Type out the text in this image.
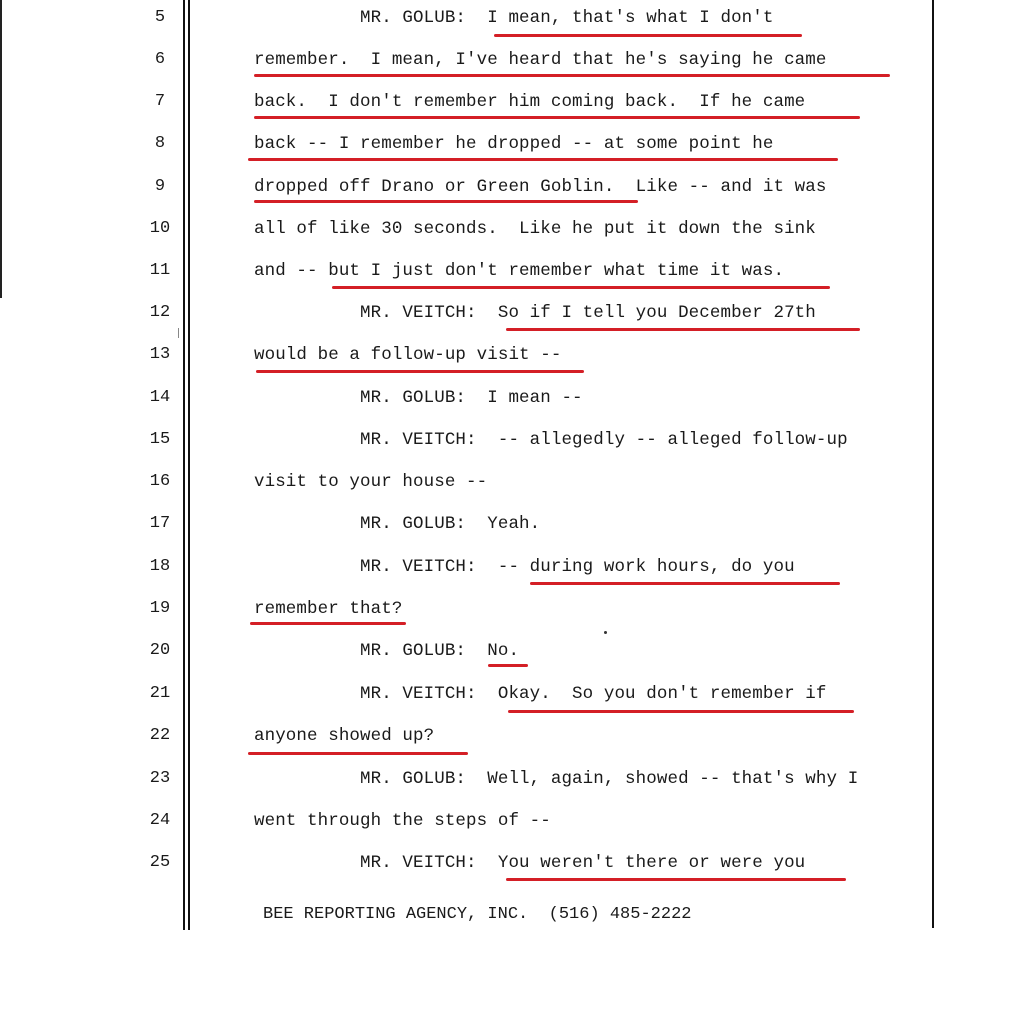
5
6
7
8
9
10
11
12
13
14
15
16
17
18
19
20
21
22
23
24
25
MR. GOLUB:  I mean, that's what I don't
remember.  I mean, I've heard that he's saying he came
back.  I don't remember him coming back.  If he came
back -- I remember he dropped -- at some point he
dropped off Drano or Green Goblin.  Like -- and it was
all of like 30 seconds.  Like he put it down the sink
and -- but I just don't remember what time it was.
MR. VEITCH:  So if I tell you December 27th
would be a follow-up visit --
MR. GOLUB:  I mean --
MR. VEITCH:  -- allegedly -- alleged follow-up
visit to your house --
MR. GOLUB:  Yeah.
MR. VEITCH:  -- during work hours, do you
remember that?
MR. GOLUB:  No.
MR. VEITCH:  Okay.  So you don't remember if
anyone showed up?
MR. GOLUB:  Well, again, showed -- that's why I
went through the steps of --
MR. VEITCH:  You weren't there or were you
BEE REPORTING AGENCY, INC.  (516) 485-2222
